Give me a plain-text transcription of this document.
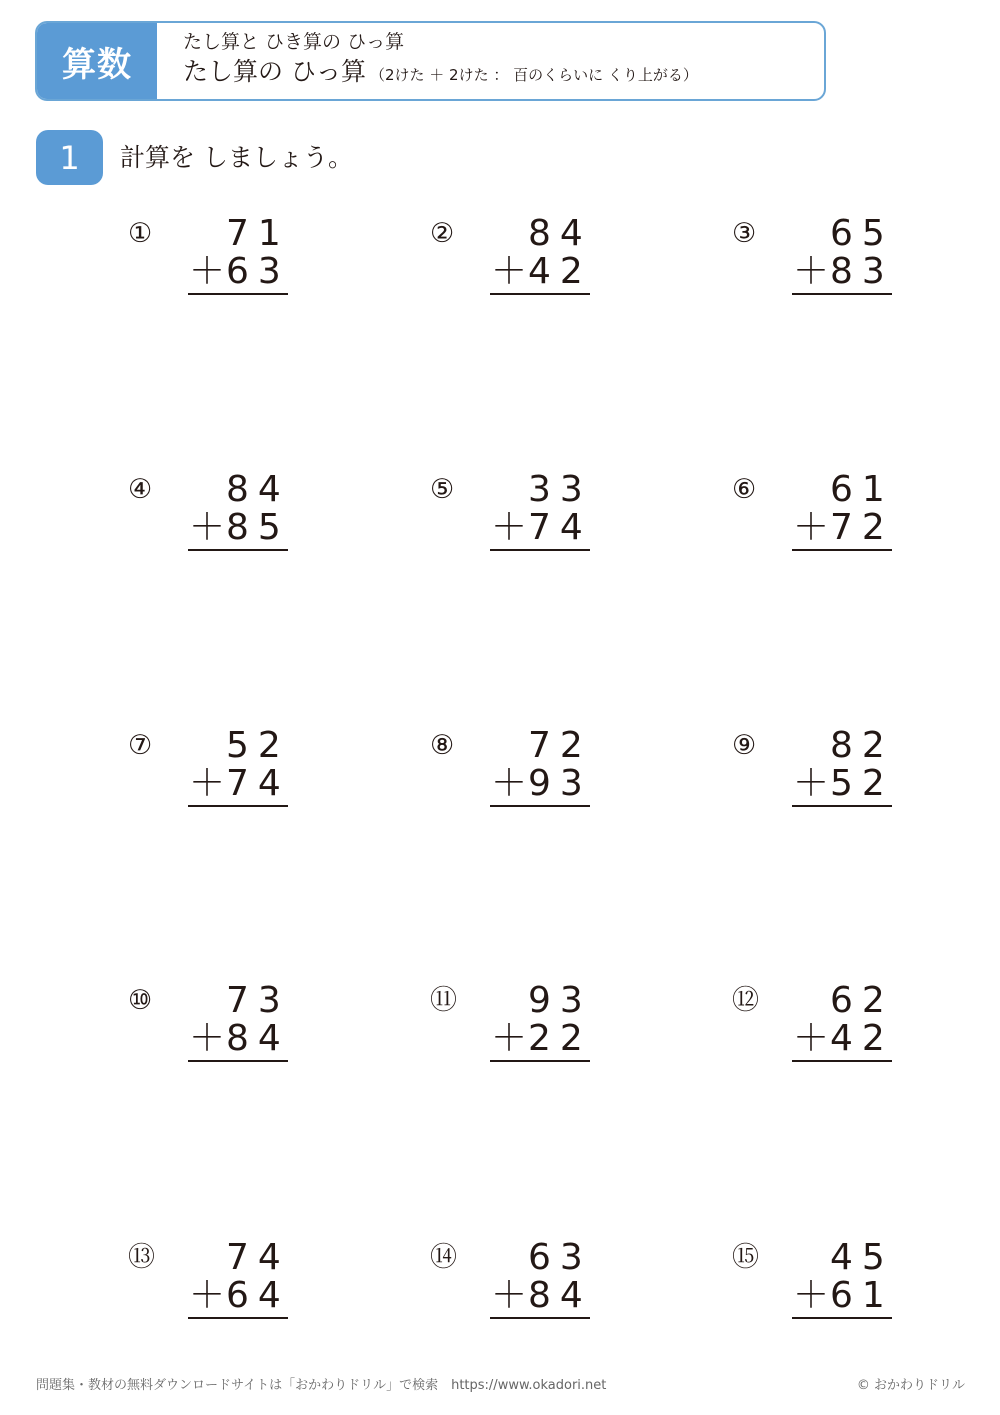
算数
たし算と ひき算の ひっ算
たし算の ひっ算 （2けた ＋ 2けた ： 百のくらいに くり上がる）
1	計算を しましょう。
① 71
＋63
② 84
＋42
③ 65
＋83
④ 84
＋85
⑤ 33
＋74
⑥ 61
＋72
⑦ 52
＋74
⑧ 72
＋93
⑨ 82
＋52
⑩ 73
＋84
⑪ 93
＋22
⑫ 62
＋42
⑬ 74
＋64
⑭ 63
＋84
⑮ 45
＋61
問題集・教材の無料ダウンロードサイトは「おかわりドリル」で検索　https://www.okadori.net	© おかわりドリル
